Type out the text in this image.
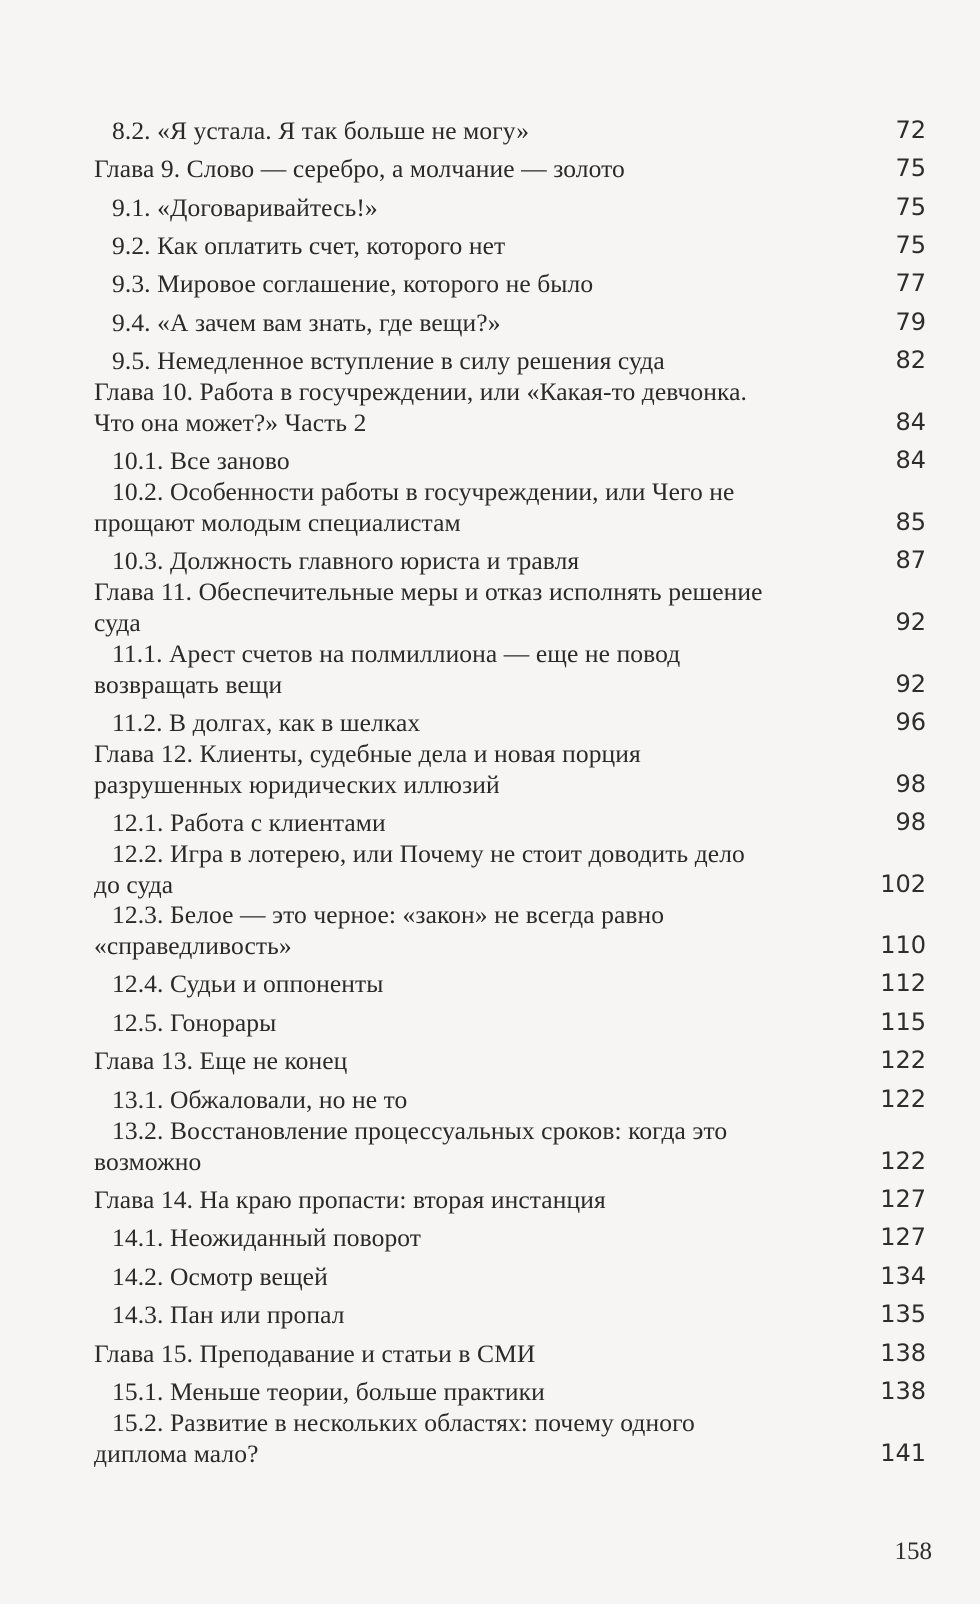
8.2. «Я устала. Я так больше не могу»	72
Глава 9. Слово — серебро, а молчание — золото	75
9.1. «Договаривайтесь!»	75
9.2. Как оплатить счет, которого нет	75
9.3. Мировое соглашение, которого не было	77
9.4. «А зачем вам знать, где вещи?»	79
9.5. Немедленное вступление в силу решения суда	82
Глава 10. Работа в госучреждении, или «Какая-то девчонка.
Что она может?» Часть 2	84
10.1. Все заново	84
10.2. Особенности работы в госучреждении, или Чего не
прощают молодым специалистам	85
10.3. Должность главного юриста и травля	87
Глава 11. Обеспечительные меры и отказ исполнять решение
суда	92
11.1. Арест счетов на полмиллиона — еще не повод
возвращать вещи	92
11.2. В долгах, как в шелках	96
Глава 12. Клиенты, судебные дела и новая порция
разрушенных юридических иллюзий	98
12.1. Работа с клиентами	98
12.2. Игра в лотерею, или Почему не стоит доводить дело
до суда	102
12.3. Белое — это черное: «закон» не всегда равно
«справедливость»	110
12.4. Судьи и оппоненты	112
12.5. Гонорары	115
Глава 13. Еще не конец	122
13.1. Обжаловали, но не то	122
13.2. Восстановление процессуальных сроков: когда это
возможно	122
Глава 14. На краю пропасти: вторая инстанция	127
14.1. Неожиданный поворот	127
14.2. Осмотр вещей	134
14.3. Пан или пропал	135
Глава 15. Преподавание и статьи в СМИ	138
15.1. Меньше теории, больше практики	138
15.2. Развитие в нескольких областях: почему одного
диплома мало?	141
158
